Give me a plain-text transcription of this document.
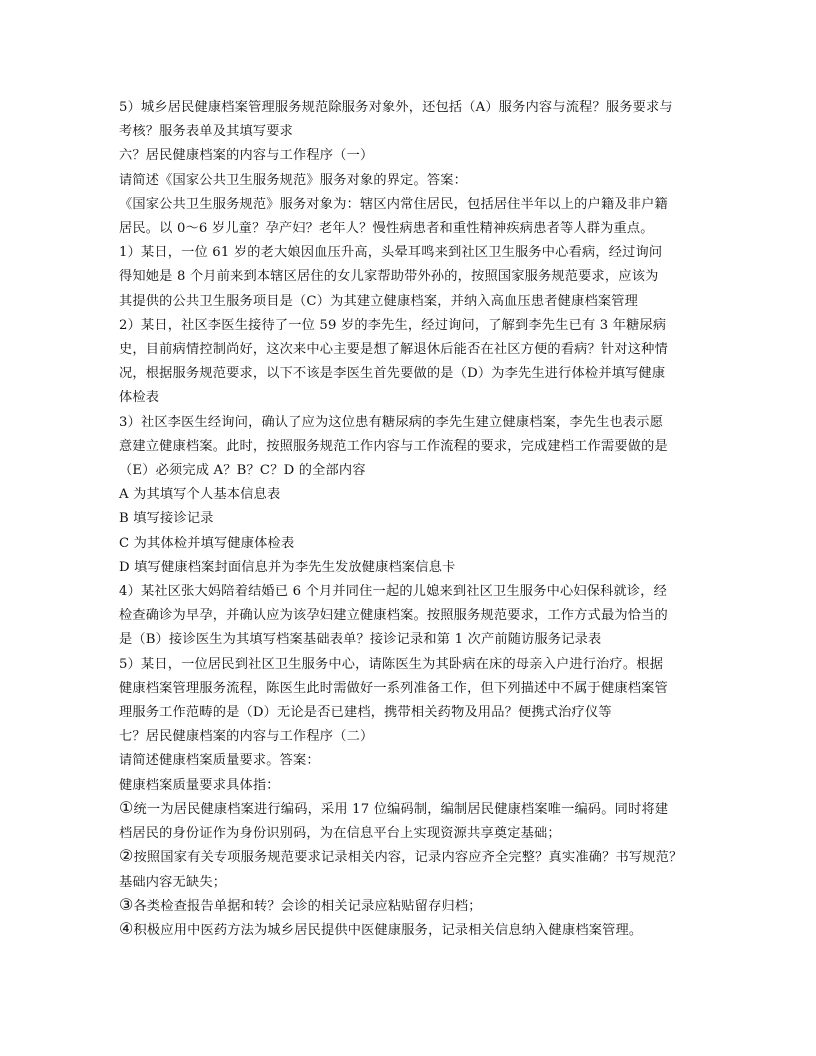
5）城乡居民健康档案管理服务规范除服务对象外，还包括（A）服务内容与流程？服务要求与

考核？服务表单及其填写要求

六？居民健康档案的内容与工作程序（一）

请简述《国家公共卫生服务规范》服务对象的界定。答案：

《国家公共卫生服务规范》服务对象为：辖区内常住居民，包括居住半年以上的户籍及非户籍

居民。以 0～6 岁儿童？孕产妇？老年人？慢性病患者和重性精神疾病患者等人群为重点。

1）某日，一位 61 岁的老大娘因血压升高，头晕耳鸣来到社区卫生服务中心看病，经过询问

得知她是 8 个月前来到本辖区居住的女儿家帮助带外孙的，按照国家服务规范要求，应该为

其提供的公共卫生服务项目是（C）为其建立健康档案，并纳入高血压患者健康档案管理

2）某日，社区李医生接待了一位 59 岁的李先生，经过询问，了解到李先生已有 3 年糖尿病

史，目前病情控制尚好，这次来中心主要是想了解退休后能否在社区方便的看病？针对这种情

况，根据服务规范要求，以下不该是李医生首先要做的是（D）为李先生进行体检并填写健康

体检表

3）社区李医生经询问，确认了应为这位患有糖尿病的李先生建立健康档案，李先生也表示愿

意建立健康档案。此时，按照服务规范工作内容与工作流程的要求，完成建档工作需要做的是

（E）必须完成 A？B？C？D 的全部内容

A 为其填写个人基本信息表

B 填写接诊记录

C 为其体检并填写健康体检表

D 填写健康档案封面信息并为李先生发放健康档案信息卡

4）某社区张大妈陪着结婚已 6 个月并同住一起的儿媳来到社区卫生服务中心妇保科就诊，经

检查确诊为早孕，并确认应为该孕妇建立健康档案。按照服务规范要求，工作方式最为恰当的

是（B）接诊医生为其填写档案基础表单？接诊记录和第 1 次产前随访服务记录表

5）某日，一位居民到社区卫生服务中心，请陈医生为其卧病在床的母亲入户进行治疗。根据

健康档案管理服务流程，陈医生此时需做好一系列准备工作，但下列描述中不属于健康档案管

理服务工作范畴的是（D）无论是否已建档，携带相关药物及用品？便携式治疗仪等

七？居民健康档案的内容与工作程序（二）

请简述健康档案质量要求。答案：

健康档案质量要求具体指：

①统一为居民健康档案进行编码，采用 17 位编码制，编制居民健康档案唯一编码。同时将建

档居民的身份证作为身份识别码，为在信息平台上实现资源共享奠定基础；

②按照国家有关专项服务规范要求记录相关内容，记录内容应齐全完整？真实准确？书写规范？

基础内容无缺失；

③各类检查报告单据和转？会诊的相关记录应粘贴留存归档；

④积极应用中医药方法为城乡居民提供中医健康服务，记录相关信息纳入健康档案管理。
